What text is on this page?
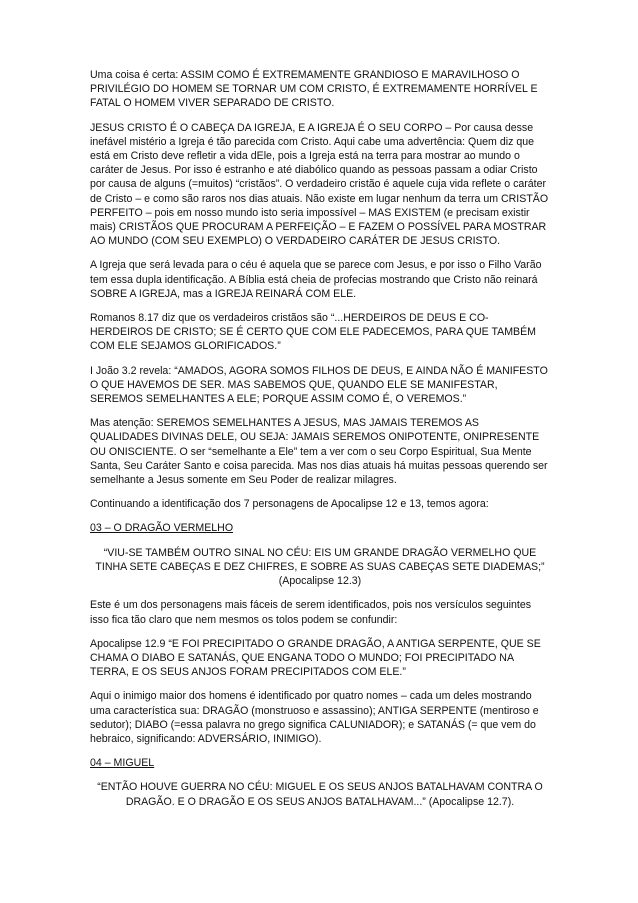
Uma coisa é certa: ASSIM COMO É EXTREMAMENTE GRANDIOSO E MARAVILHOSO O PRIVILÉGIO DO HOMEM SE TORNAR UM COM CRISTO, É EXTREMAMENTE HORRÍVEL E FATAL O HOMEM VIVER SEPARADO DE CRISTO.

JESUS CRISTO É O CABEÇA DA IGREJA, E A IGREJA É O SEU CORPO – Por causa desse inefável mistério a Igreja é tão parecida com Cristo. Aqui cabe uma advertência: Quem diz que está em Cristo deve refletir a vida dEle, pois a Igreja está na terra para mostrar ao mundo o caráter de Jesus. Por isso é estranho e até diabólico quando as pessoas passam a odiar Cristo por causa de alguns (=muitos) “cristãos”. O verdadeiro cristão é aquele cuja vida reflete o caráter de Cristo – e como são raros nos dias atuais. Não existe em lugar nenhum da terra um CRISTÃO PERFEITO – pois em nosso mundo isto seria impossível – MAS EXISTEM (e precisam existir mais) CRISTÃOS QUE PROCURAM A PERFEIÇÃO – E FAZEM O POSSÍVEL PARA MOSTRAR AO MUNDO (COM SEU EXEMPLO) O VERDADEIRO CARÁTER DE JESUS CRISTO.

A Igreja que será levada para o céu é aquela que se parece com Jesus, e por isso o Filho Varão tem essa dupla identificação. A Bíblia está cheia de profecias mostrando que Cristo não reinará SOBRE A IGREJA, mas a IGREJA REINARÁ COM ELE.

Romanos 8.17 diz que os verdadeiros cristãos são “...HERDEIROS DE DEUS E CO-HERDEIROS DE CRISTO; SE É CERTO QUE COM ELE PADECEMOS, PARA QUE TAMBÉM COM ELE SEJAMOS GLORIFICADOS.”

I João 3.2 revela: “AMADOS, AGORA SOMOS FILHOS DE DEUS, E AINDA NÃO É MANIFESTO O QUE HAVEMOS DE SER. MAS SABEMOS QUE, QUANDO ELE SE MANIFESTAR, SEREMOS SEMELHANTES A ELE; PORQUE ASSIM COMO É, O VEREMOS.”

Mas atenção: SEREMOS SEMELHANTES A JESUS, MAS JAMAIS TEREMOS AS QUALIDADES DIVINAS DELE, OU SEJA: JAMAIS SEREMOS ONIPOTENTE, ONIPRESENTE OU ONISCIENTE. O ser “semelhante a Ele” tem a ver com o seu Corpo Espiritual, Sua Mente Santa, Seu Caráter Santo e coisa parecida. Mas nos dias atuais há muitas pessoas querendo ser semelhante a Jesus somente em Seu Poder de realizar milagres.

Continuando a identificação dos 7 personagens de Apocalipse 12 e 13, temos agora:

03 – O DRAGÃO VERMELHO

“VIU-SE TAMBÉM OUTRO SINAL NO CÉU: EIS UM GRANDE DRAGÃO VERMELHO QUE TINHA SETE CABEÇAS E DEZ CHIFRES, E SOBRE AS SUAS CABEÇAS SETE DIADEMAS;”
(Apocalipse 12.3)

Este é um dos personagens mais fáceis de serem identificados, pois nos versículos seguintes isso fica tão claro que nem mesmos os tolos podem se confundir:

Apocalipse 12.9 “E FOI PRECIPITADO O GRANDE DRAGÃO, A ANTIGA SERPENTE, QUE SE CHAMA O DIABO E SATANÁS, QUE ENGANA TODO O MUNDO; FOI PRECIPITADO NA TERRA, E OS SEUS ANJOS FORAM PRECIPITADOS COM ELE.”

Aqui o inimigo maior dos homens é identificado por quatro nomes – cada um deles mostrando uma característica sua: DRAGÃO (monstruoso e assassino); ANTIGA SERPENTE (mentiroso e sedutor); DIABO (=essa palavra no grego significa CALUNIADOR); e SATANÁS (= que vem do hebraico, significando: ADVERSÁRIO, INIMIGO).

04 – MIGUEL

“ENTÃO HOUVE GUERRA NO CÉU: MIGUEL E OS SEUS ANJOS BATALHAVAM CONTRA O DRAGÃO. E O DRAGÃO E OS SEUS ANJOS BATALHAVAM...” (Apocalipse 12.7).
